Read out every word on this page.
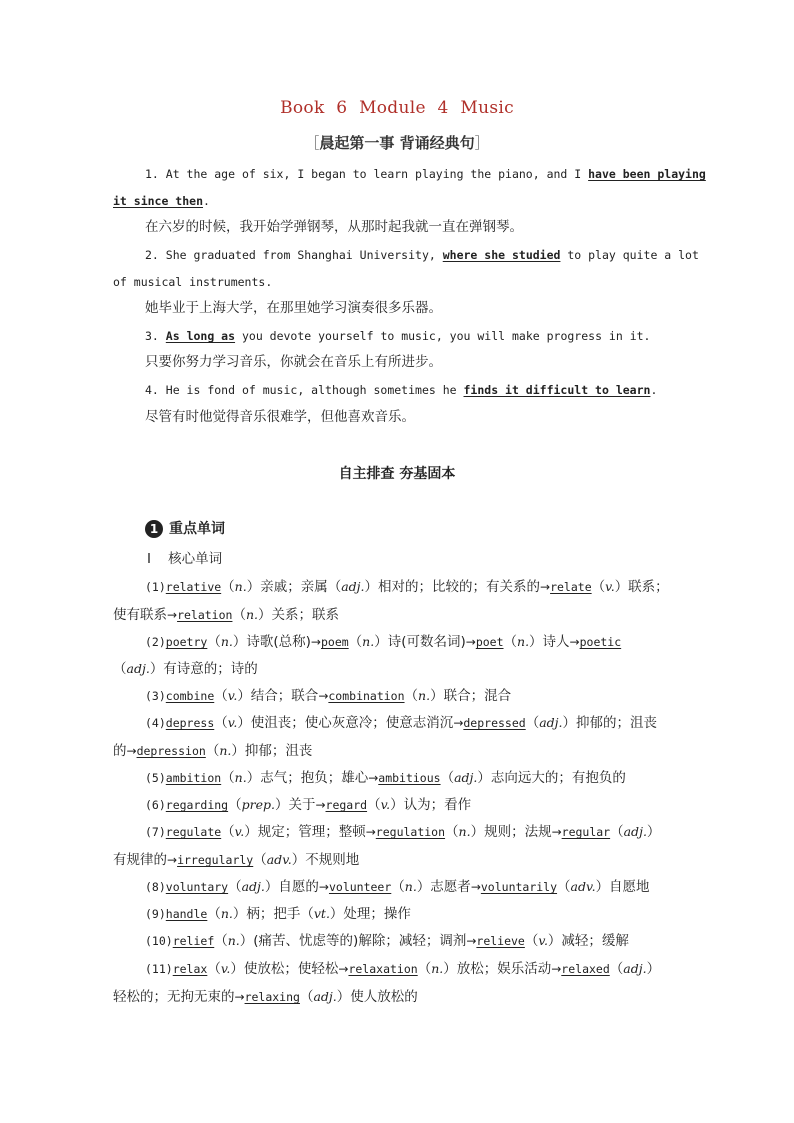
Book 6 Module 4 Music
［晨起第一事 背诵经典句］
1. At the age of six, I began to learn playing the piano, and I have been playing
it since then.
在六岁的时候，我开始学弹钢琴，从那时起我就一直在弹钢琴。
2. She graduated from Shanghai University, where she studied to play quite a lot
of musical instruments.
她毕业于上海大学，在那里她学习演奏很多乐器。
3. As long as you devote yourself to music, you will make progress in it.
只要你努力学习音乐，你就会在音乐上有所进步。
4. He is fond of music, although sometimes he finds it difficult to learn.
尽管有时他觉得音乐很难学，但他喜欢音乐。
自主排查 夯基固本
1 重点单词
Ⅰ 核心单词
(1)relative（n.）亲戚；亲属（adj.）相对的；比较的；有关系的→relate（v.）联系；
使有联系→relation（n.）关系；联系
(2)poetry（n.）诗歌(总称)→poem（n.）诗(可数名词)→poet（n.）诗人→poetic
（adj.）有诗意的；诗的
(3)combine（v.）结合；联合→combination（n.）联合；混合
(4)depress（v.）使沮丧；使心灰意冷；使意志消沉→depressed（adj.）抑郁的；沮丧
的→depression（n.）抑郁；沮丧
(5)ambition（n.）志气；抱负；雄心→ambitious（adj.）志向远大的；有抱负的
(6)regarding（prep.）关于→regard（v.）认为；看作
(7)regulate（v.）规定；管理；整顿→regulation（n.）规则；法规→regular（adj.）
有规律的→irregularly（adv.）不规则地
(8)voluntary（adj.）自愿的→volunteer（n.）志愿者→voluntarily（adv.）自愿地
(9)handle（n.）柄；把手（vt.）处理；操作
(10)relief（n.）(痛苦、忧虑等的)解除；减轻；调剂→relieve（v.）减轻；缓解
(11)relax（v.）使放松；使轻松→relaxation（n.）放松；娱乐活动→relaxed（adj.）
轻松的；无拘无束的→relaxing（adj.）使人放松的
